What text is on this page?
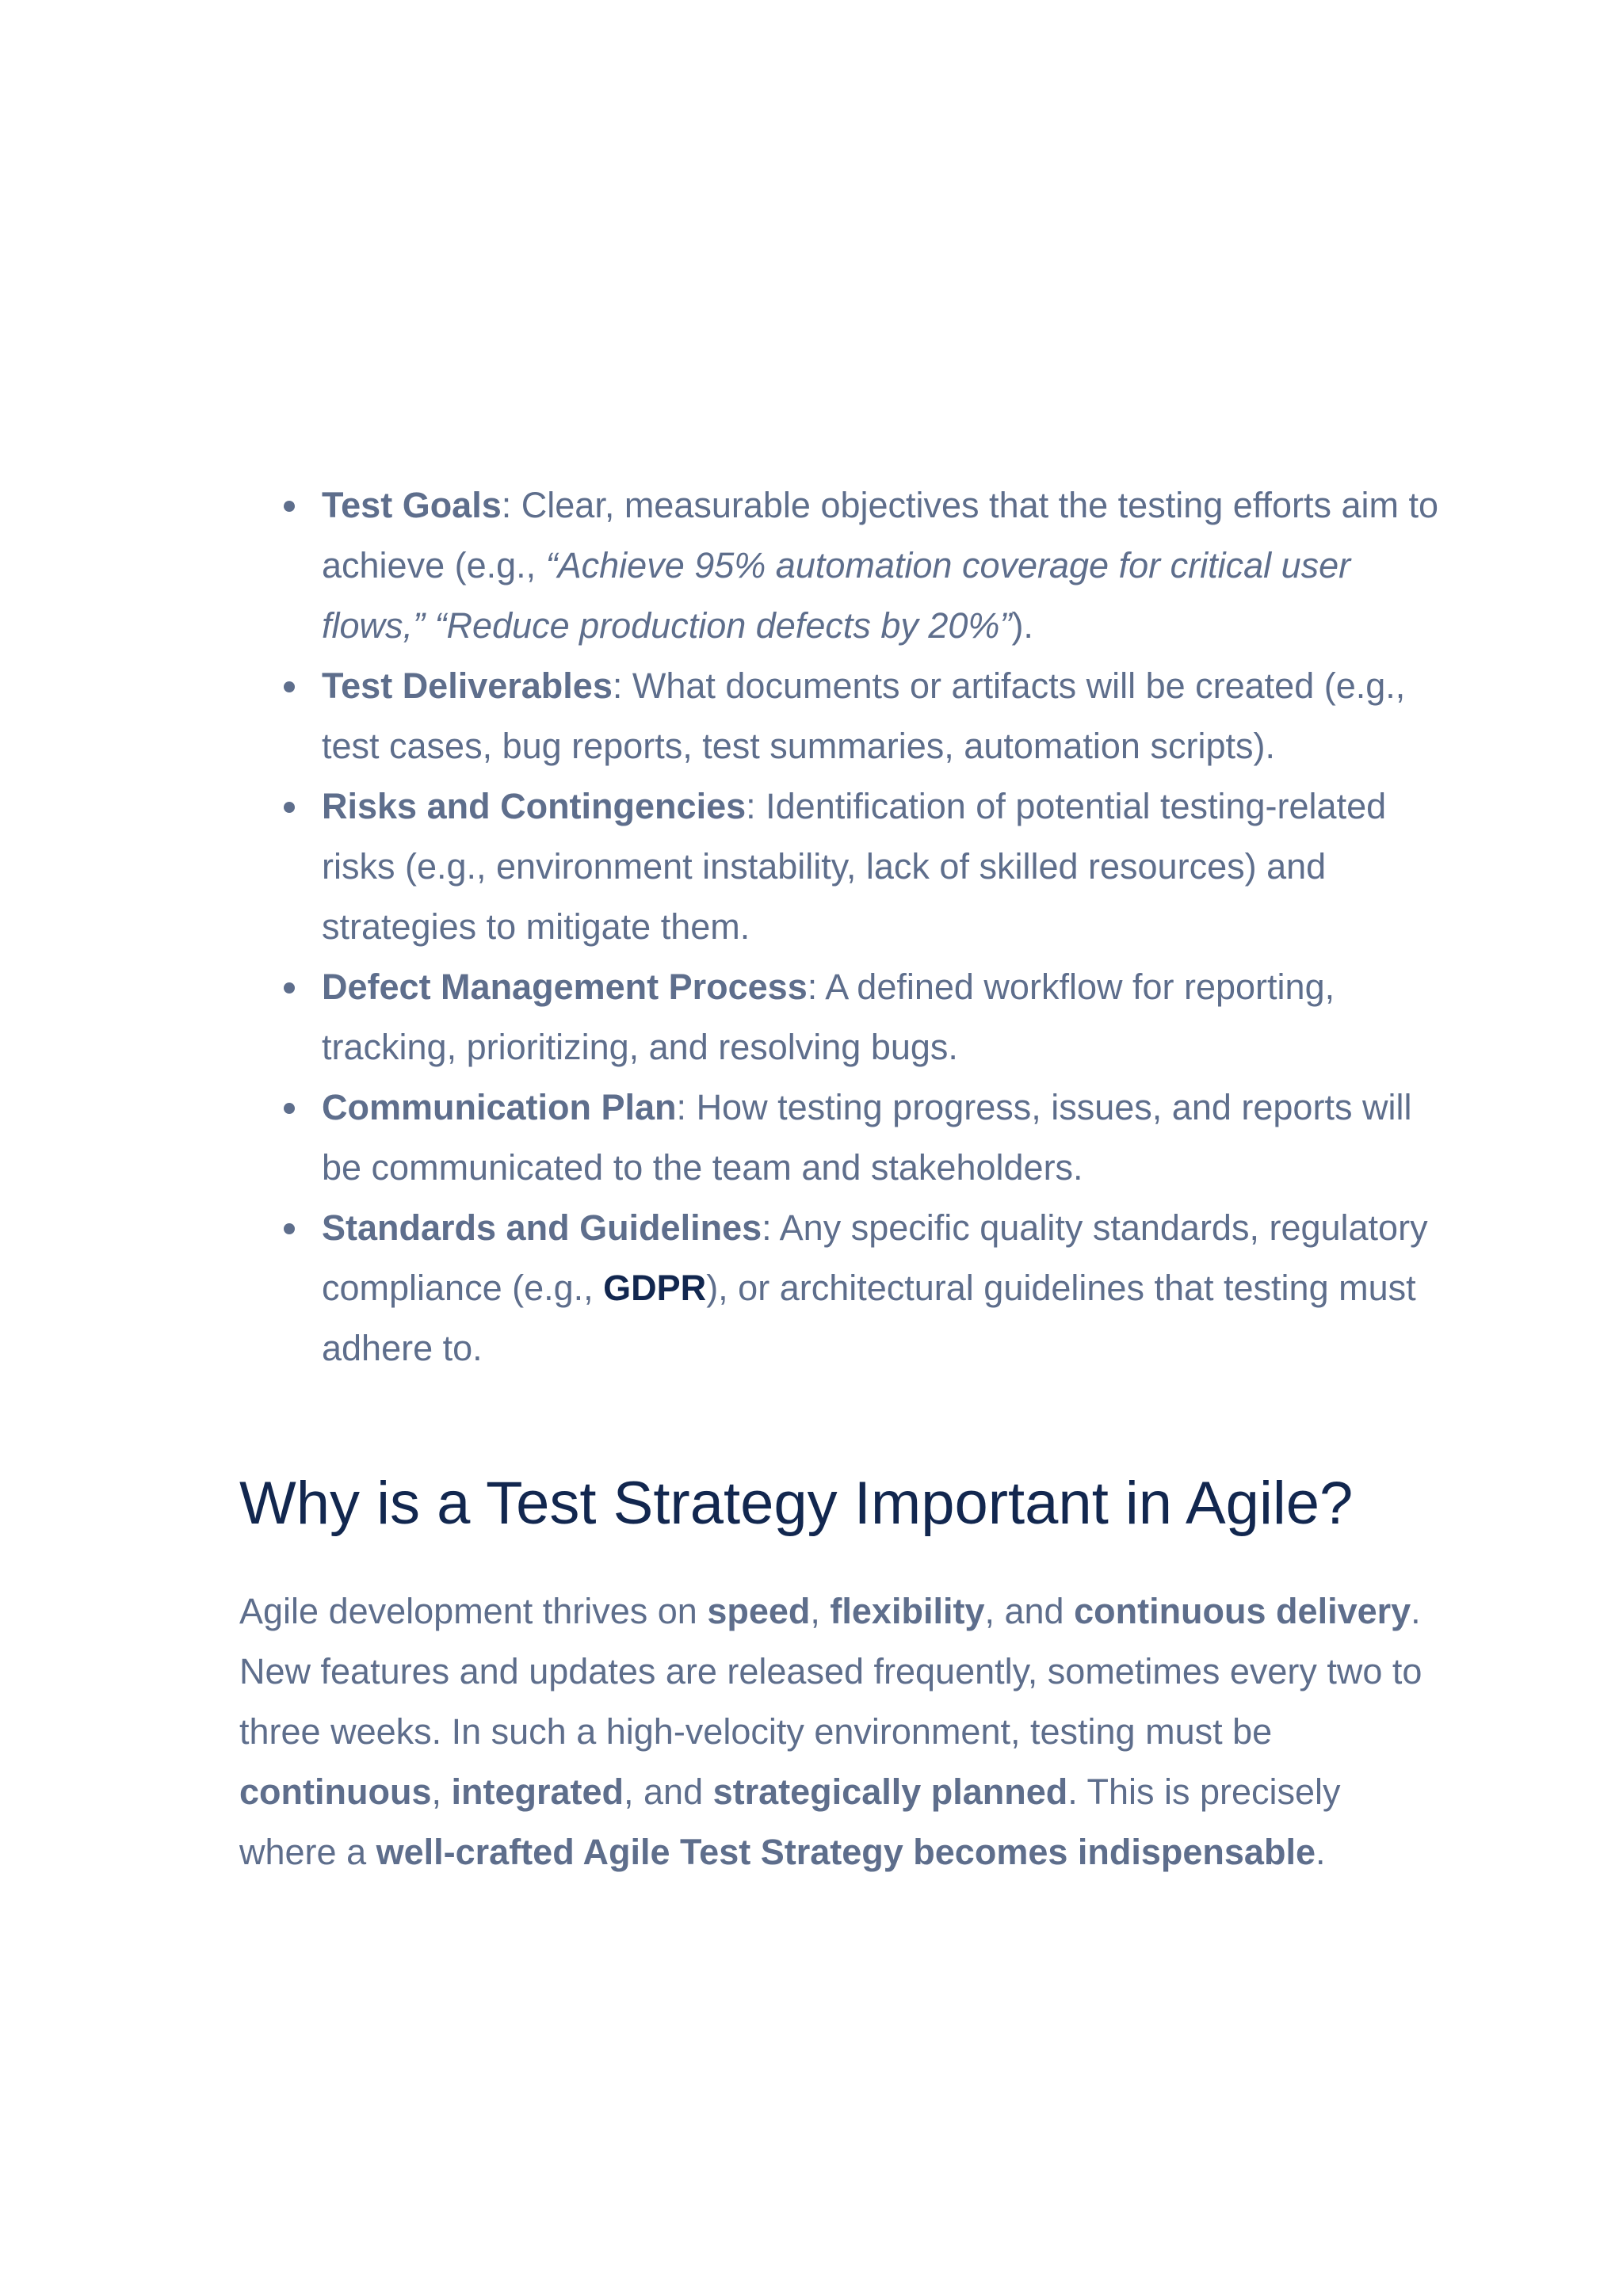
Test Goals: Clear, measurable objectives that the testing efforts aim to achieve (e.g., “Achieve 95% automation coverage for critical user flows,” “Reduce production defects by 20%”).
Test Deliverables: What documents or artifacts will be created (e.g., test cases, bug reports, test summaries, automation scripts).
Risks and Contingencies: Identification of potential testing-related risks (e.g., environment instability, lack of skilled resources) and strategies to mitigate them.
Defect Management Process: A defined workflow for reporting, tracking, prioritizing, and resolving bugs.
Communication Plan: How testing progress, issues, and reports will be communicated to the team and stakeholders.
Standards and Guidelines: Any specific quality standards, regulatory compliance (e.g., GDPR), or architectural guidelines that testing must adhere to.
Why is a Test Strategy Important in Agile?

Agile development thrives on speed, flexibility, and continuous delivery. New features and updates are released frequently, sometimes every two to three weeks. In such a high-velocity environment, testing must be continuous, integrated, and strategically planned. This is precisely where a well-crafted Agile Test Strategy becomes indispensable.
